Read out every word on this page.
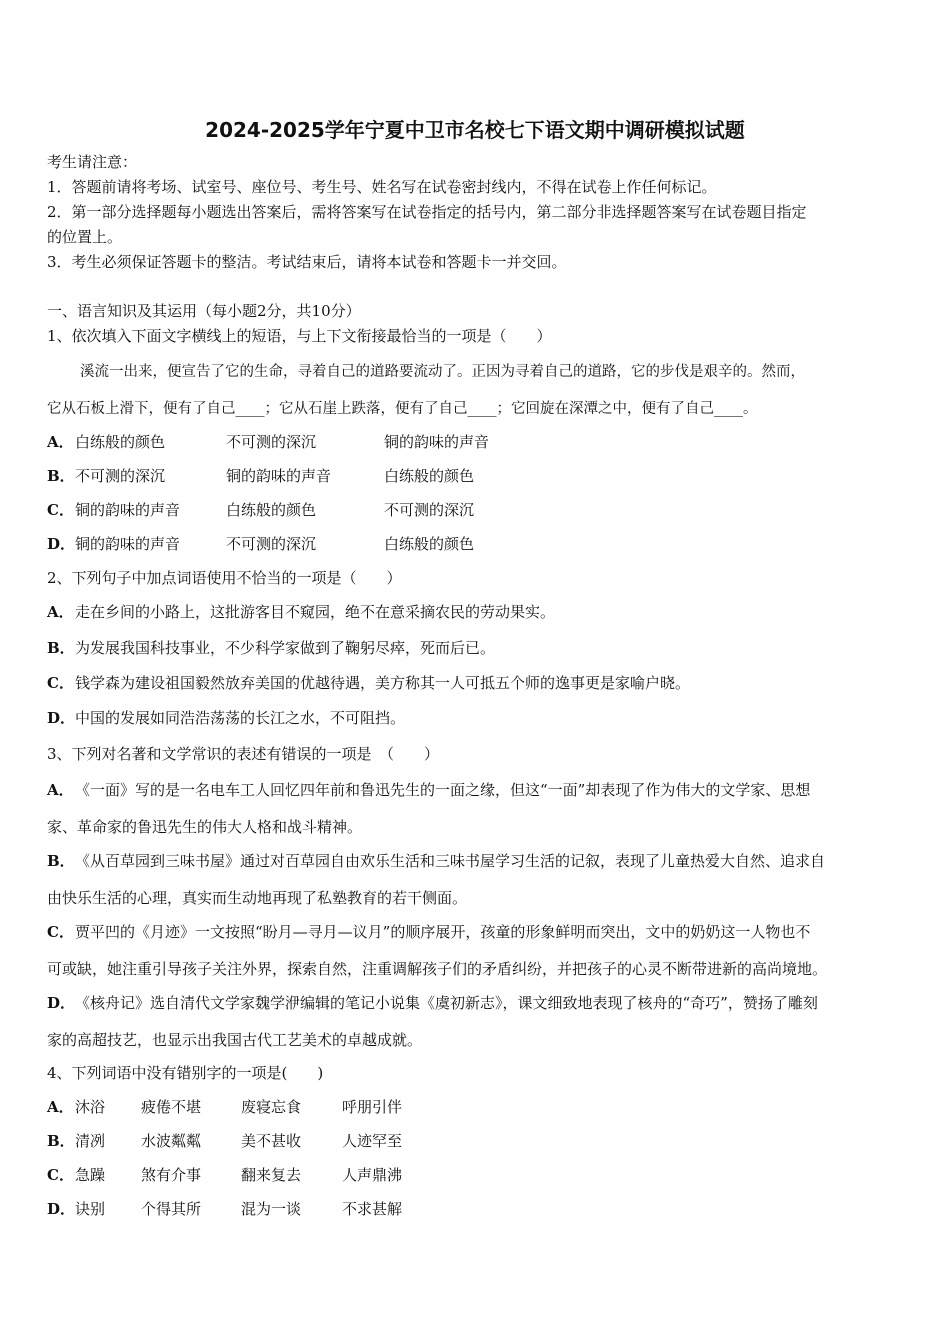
2024-2025学年宁夏中卫市名校七下语文期中调研模拟试题
考生请注意：
1．答题前请将考场、试室号、座位号、考生号、姓名写在试卷密封线内，不得在试卷上作任何标记。
2．第一部分选择题每小题选出答案后，需将答案写在试卷指定的括号内，第二部分非选择题答案写在试卷题目指定
的位置上。
3．考生必须保证答题卡的整洁。考试结束后，请将本试卷和答题卡一并交回。
一、语言知识及其运用（每小题2分，共10分）
1、依次填入下面文字横线上的短语，与上下文衔接最恰当的一项是（　　）
溪流一出来，便宣告了它的生命，寻着自己的道路要流动了。正因为寻着自己的道路，它的步伐是艰辛的。然而，
它从石板上滑下，便有了自己____；它从石崖上跌落，便有了自己____；它回旋在深潭之中，便有了自己____。
A． 白练般的颜色	不可测的深沉	铜的韵味的声音
B． 不可测的深沉	铜的韵味的声音	白练般的颜色
C． 铜的韵味的声音	白练般的颜色	不可测的深沉
D． 铜的韵味的声音	不可测的深沉	白练般的颜色
2、下列句子中加点词语使用不恰当的一项是（　　）
A． 走在乡间的小路上，这批游客目不窥园，绝不在意采摘农民的劳动果实。
B． 为发展我国科技事业，不少科学家做到了鞠躬尽瘁，死而后已。
C． 钱学森为建设祖国毅然放弃美国的优越待遇，美方称其一人可抵五个师的逸事更是家喻户晓。
D． 中国的发展如同浩浩荡荡的长江之水，不可阻挡。
3、下列对名著和文学常识的表述有错误的一项是　（　　）
A． 《一面》写的是一名电车工人回忆四年前和鲁迅先生的一面之缘，但这“一面”却表现了作为伟大的文学家、思想
家、革命家的鲁迅先生的伟大人格和战斗精神。
B． 《从百草园到三味书屋》通过对百草园自由欢乐生活和三味书屋学习生活的记叙，表现了儿童热爱大自然、追求自
由快乐生活的心理，真实而生动地再现了私塾教育的若干侧面。
C． 贾平凹的《月迹》一文按照“盼月—寻月—议月”的顺序展开，孩童的形象鲜明而突出，文中的奶奶这一人物也不
可或缺，她注重引导孩子关注外界，探索自然，注重调解孩子们的矛盾纠纷，并把孩子的心灵不断带进新的高尚境地。
D． 《核舟记》选自清代文学家魏学洢编辑的笔记小说集《虞初新志》，课文细致地表现了核舟的“奇巧”，赞扬了雕刻
家的高超技艺，也显示出我国古代工艺美术的卓越成就。
4、下列词语中没有错别字的一项是(　　)
A． 沐浴 疲倦不堪	废寝忘食	呼朋引伴
B． 清冽 水波粼粼	美不甚收	人迹罕至
C． 急躁 煞有介事	翻来复去	人声鼎沸
D． 诀别 个得其所	混为一谈	不求甚解
